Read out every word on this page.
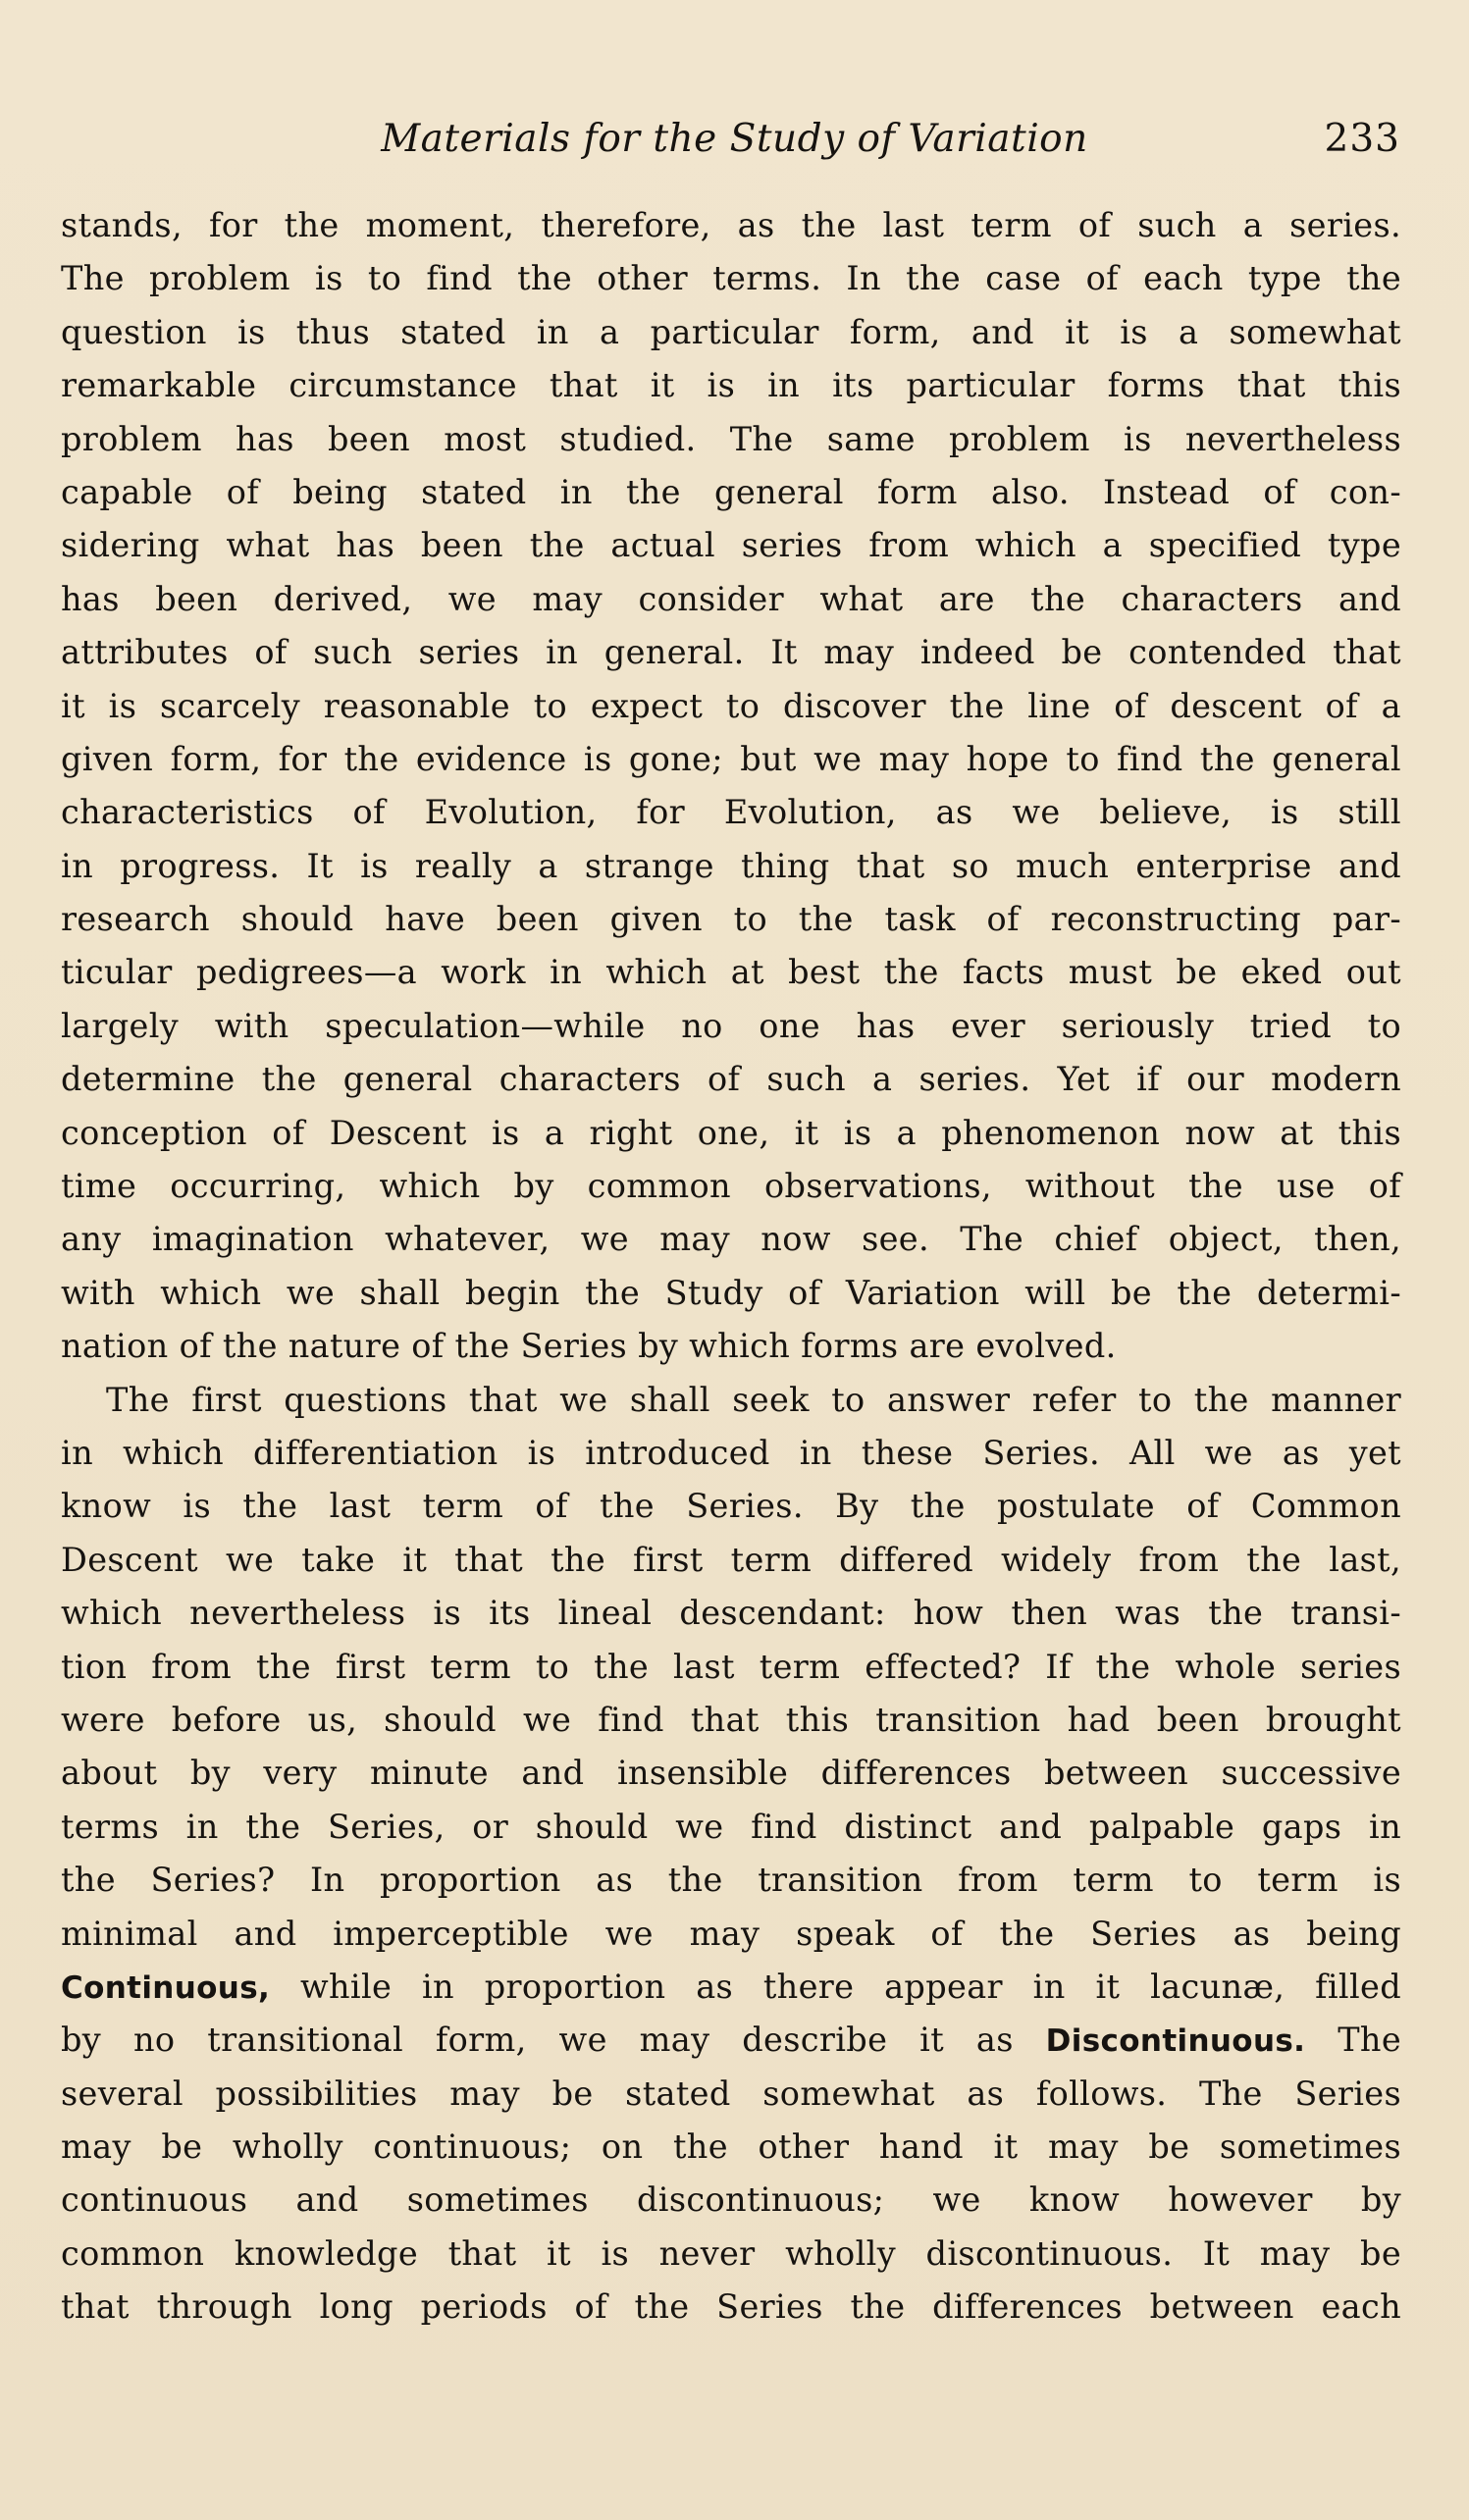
Materials for the Study of Variation	233
stands, for the moment, therefore, as the last term of such a series.
The problem is to find the other terms. In the case of each type the
question is thus stated in a particular form, and it is a somewhat
remarkable circumstance that it is in its particular forms that this
problem has been most studied. The same problem is nevertheless
capable of being stated in the general form also. Instead of con-
sidering what has been the actual series from which a specified type
has been derived, we may consider what are the characters and
attributes of such series in general. It may indeed be contended that
it is scarcely reasonable to expect to discover the line of descent of a
given form, for the evidence is gone; but we may hope to find the general
characteristics of Evolution, for Evolution, as we believe, is still
in progress. It is really a strange thing that so much enterprise and
research should have been given to the task of reconstructing par-
ticular pedigrees—a work in which at best the facts must be eked out
largely with speculation—while no one has ever seriously tried to
determine the general characters of such a series. Yet if our modern
conception of Descent is a right one, it is a phenomenon now at this
time occurring, which by common observations, without the use of
any imagination whatever, we may now see. The chief object, then,
with which we shall begin the Study of Variation will be the determi-
nation of the nature of the Series by which forms are evolved.
The first questions that we shall seek to answer refer to the manner
in which differentiation is introduced in these Series. All we as yet
know is the last term of the Series. By the postulate of Common
Descent we take it that the first term differed widely from the last,
which nevertheless is its lineal descendant: how then was the transi-
tion from the first term to the last term effected? If the whole series
were before us, should we find that this transition had been brought
about by very minute and insensible differences between successive
terms in the Series, or should we find distinct and palpable gaps in
the Series? In proportion as the transition from term to term is
minimal and imperceptible we may speak of the Series as being
Continuous, while in proportion as there appear in it lacunæ, filled
by no transitional form, we may describe it as Discontinuous. The
several possibilities may be stated somewhat as follows. The Series
may be wholly continuous; on the other hand it may be sometimes
continuous and sometimes discontinuous; we know however by
common knowledge that it is never wholly discontinuous. It may be
that through long periods of the Series the differences between each
